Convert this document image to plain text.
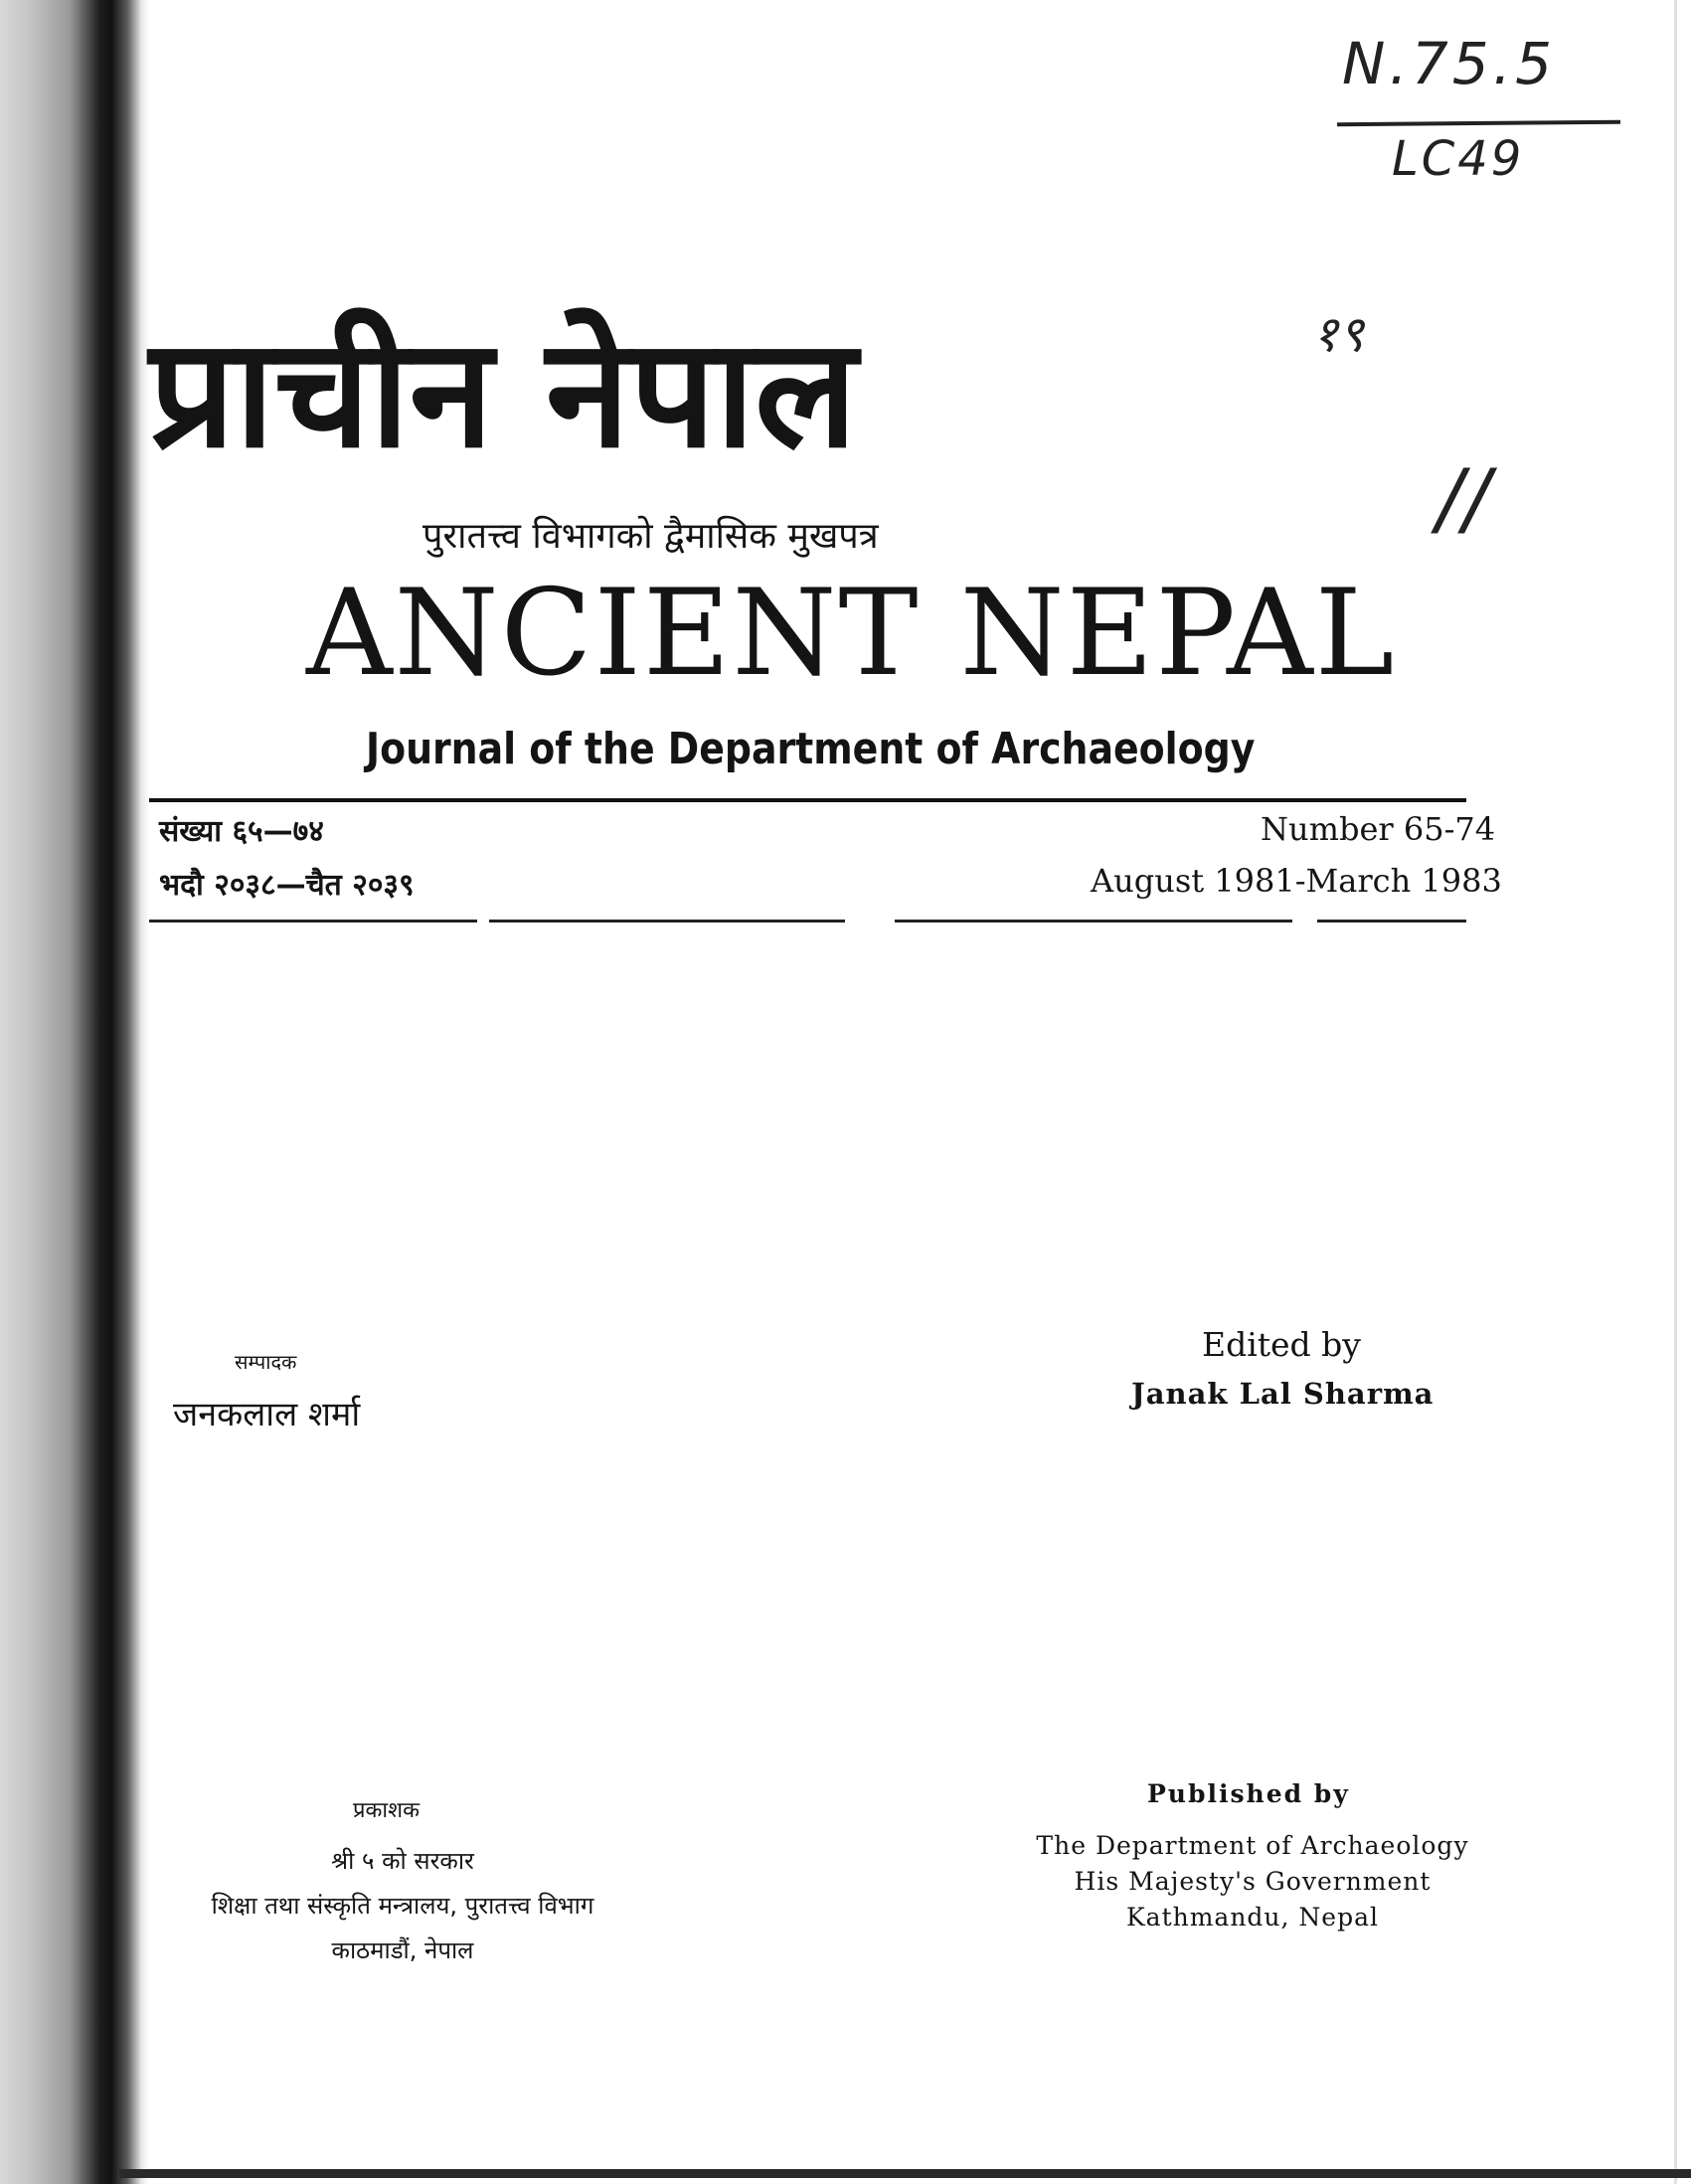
N.75.5
LC49
१९
//
प्राचीन नेपाल
पुरातत्त्व विभागको द्वैमासिक मुखपत्र
ANCIENT NEPAL
Journal of the Department of Archaeology
संख्या ६५—७४
भदौ २०३८—चैत २०३९
Number 65-74
August 1981-March 1983
सम्पादक
जनकलाल शर्मा
Edited by
Janak Lal Sharma
प्रकाशक
श्री ५ को सरकार
शिक्षा तथा संस्कृति मन्त्रालय, पुरातत्त्व विभाग
काठमाडौं, नेपाल
Published by
The Department of Archaeology
His Majesty's Government
Kathmandu, Nepal
